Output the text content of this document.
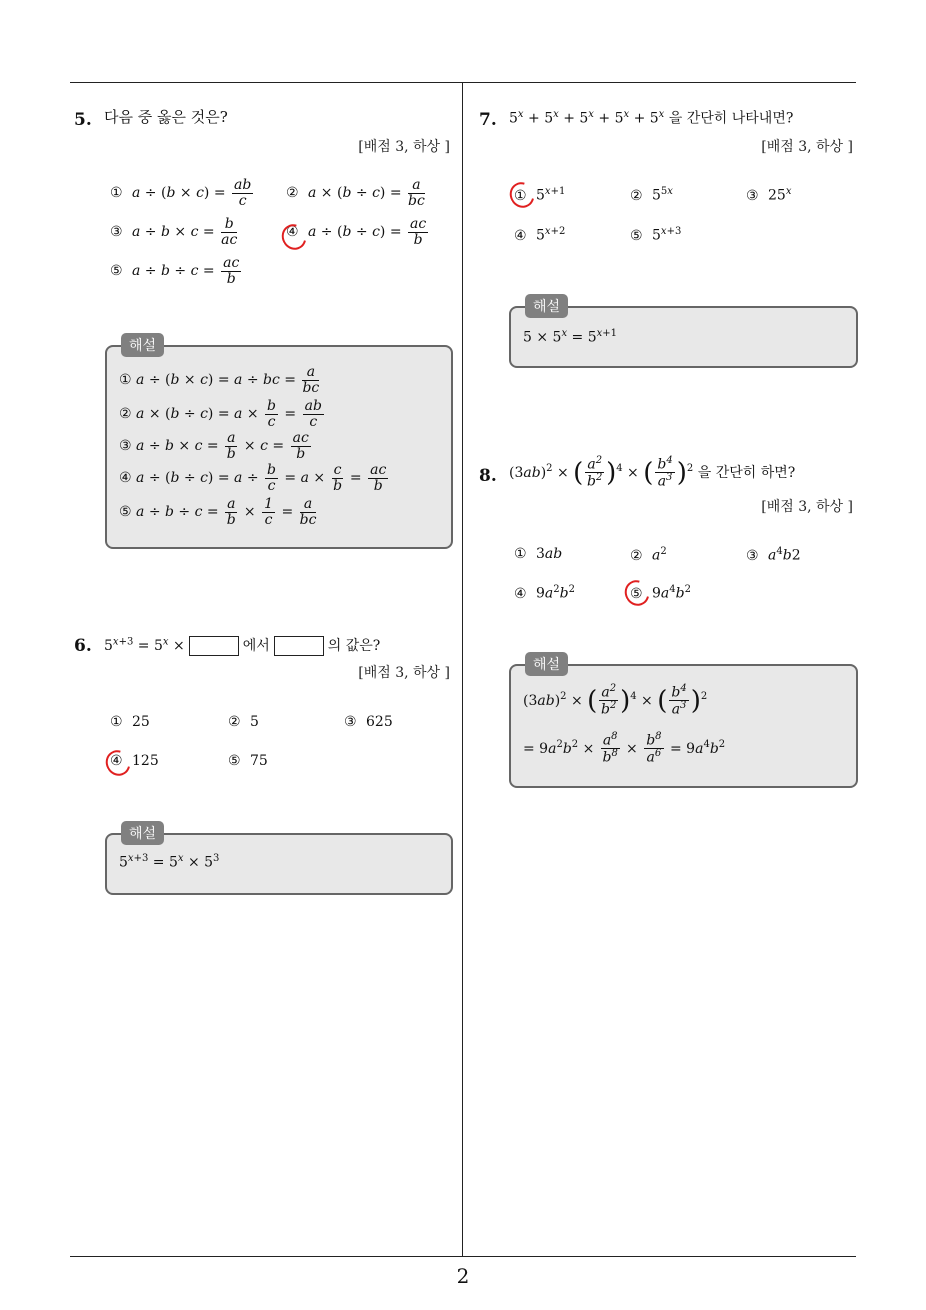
2
5. 다음 중 옳은 것은?
[배점 3, 하상 ]
① $a \div (b \times c) = \frac{ab}{c}$ ② $a \times (b \div c) = \frac{a}{bc}$
③ $a \div b \times c = \frac{b}{ac}$	④ $a \div (b \div c) = \frac{ac}{b}$
⑤ $a \div b \div c = \frac{ac}{b}$
해설
① a ÷ (b × c) = a ÷ bc = $\frac{a}{bc}$
② $a \times (b \div c) = a \times \frac{b}{c} = \frac{ab}{c}$
③ $a \div b \times c = \frac{a}{b} \times c = \frac{ac}{b}$
④ $a \div (b \div c) = a \div \frac{b}{c} = a \times \frac{c}{b} = \frac{ac}{b}$
⑤ $a \div b \div c = \frac{a}{b} \times \frac{1}{c} = \frac{a}{bc}$
6. $5^{x+3} = 5^x$ ×	에서	의 값은?
[배점 3, 하상 ]
① 25	② 5	③ 625
④ 125	⑤ 75
해설
$5^{x+3} = 5^x \times 5^3$
7. $5^x + 5^x + 5^x + 5^x + 5^x$ 을 간단히 나타내면?
[배점 3, 하상 ]
① $5^{x+1}$	② $5^{5x}$	③ 25$^x$
④ $5^{x+2}$	⑤ $5^{x+3}$
해설
$5 \times 5^x = 5^{x+1}$
8. $(3ab)^2$ × ( $\frac{a^2}{b^2} )^4$ × ( $\frac{b^4}{a^3} )^2$ 을 간단히 하면?
[배점 3, 하상 ]
① 3ab	② $a^2$	③ $a^4b2$
④ $9a^2b^2$	⑤ $9a^4b^2$
해설
$(3ab)^2$ × ( $\frac{a^2}{b^2} )^4$ × ( $\frac{b^4}{a^3} )^2$
= $9a^2b^2 \times \frac{a^8}{b^8} \times \frac{b^8}{a^6} = 9a^4b^2$
